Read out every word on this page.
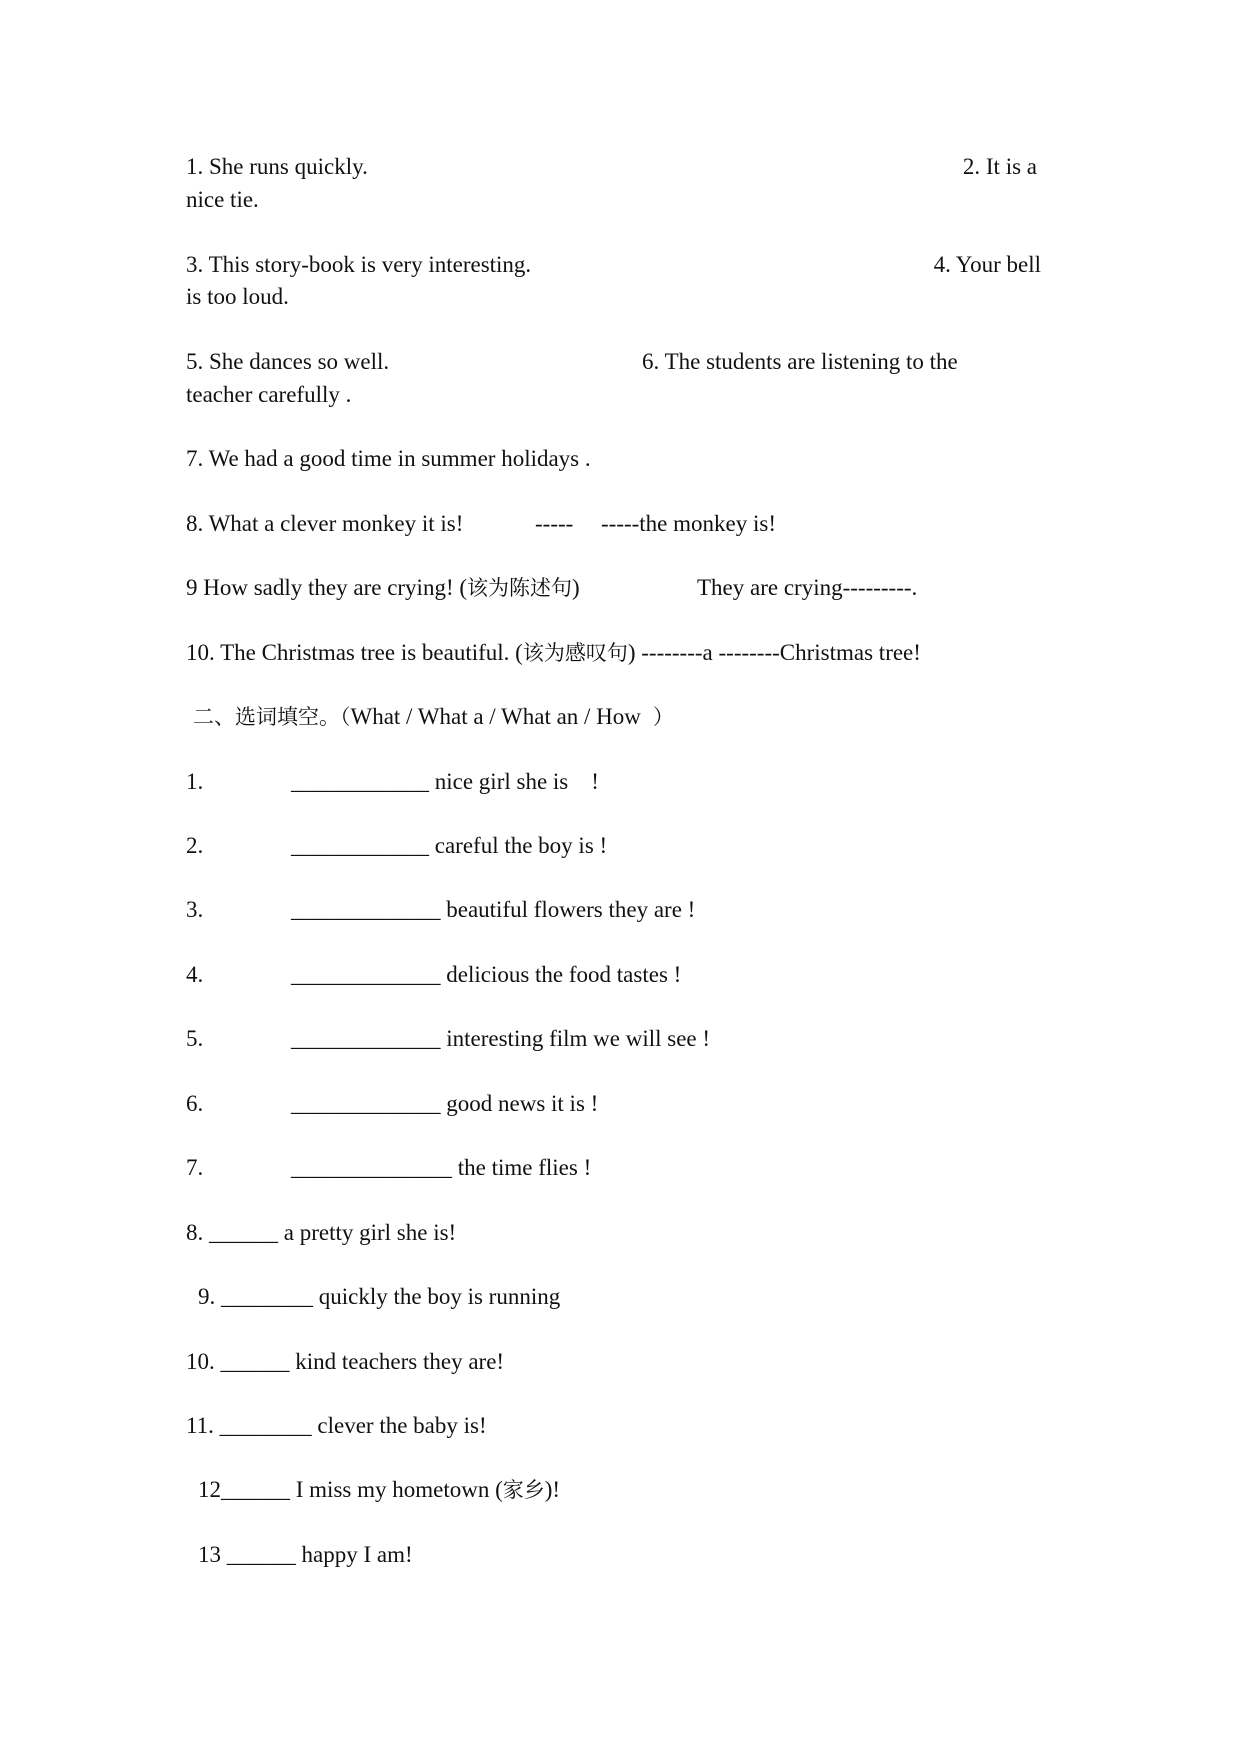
1. She runs quickly.	2. It is a
nice tie.
3. This story-book is very interesting.	4. Your bell
is too loud.
5. She dances so well.	6. The students are listening to the
teacher carefully .
7. We had a good time in summer holidays .
8. What a clever monkey it is!	----- -----the monkey is!
9 How sadly they are crying! (该为陈述句)	They are crying---------.
10. The Christmas tree is beautiful. (该为感叹句) --------a --------Christmas tree!
二、选词填空。（What / What a / What an / How ）
1.	____________ nice girl she is    !
2.	____________ careful the boy is !
3.	_____________ beautiful flowers they are !
4.	_____________ delicious the food tastes !
5.	_____________ interesting film we will see !
6.	_____________ good news it is !
7.	______________ the time flies !
8. ______ a pretty girl she is!
9. ________ quickly the boy is running
10. ______ kind teachers they are!
11. ________ clever the baby is!
12______ I miss my hometown (家乡)!
13 ______ happy I am!
